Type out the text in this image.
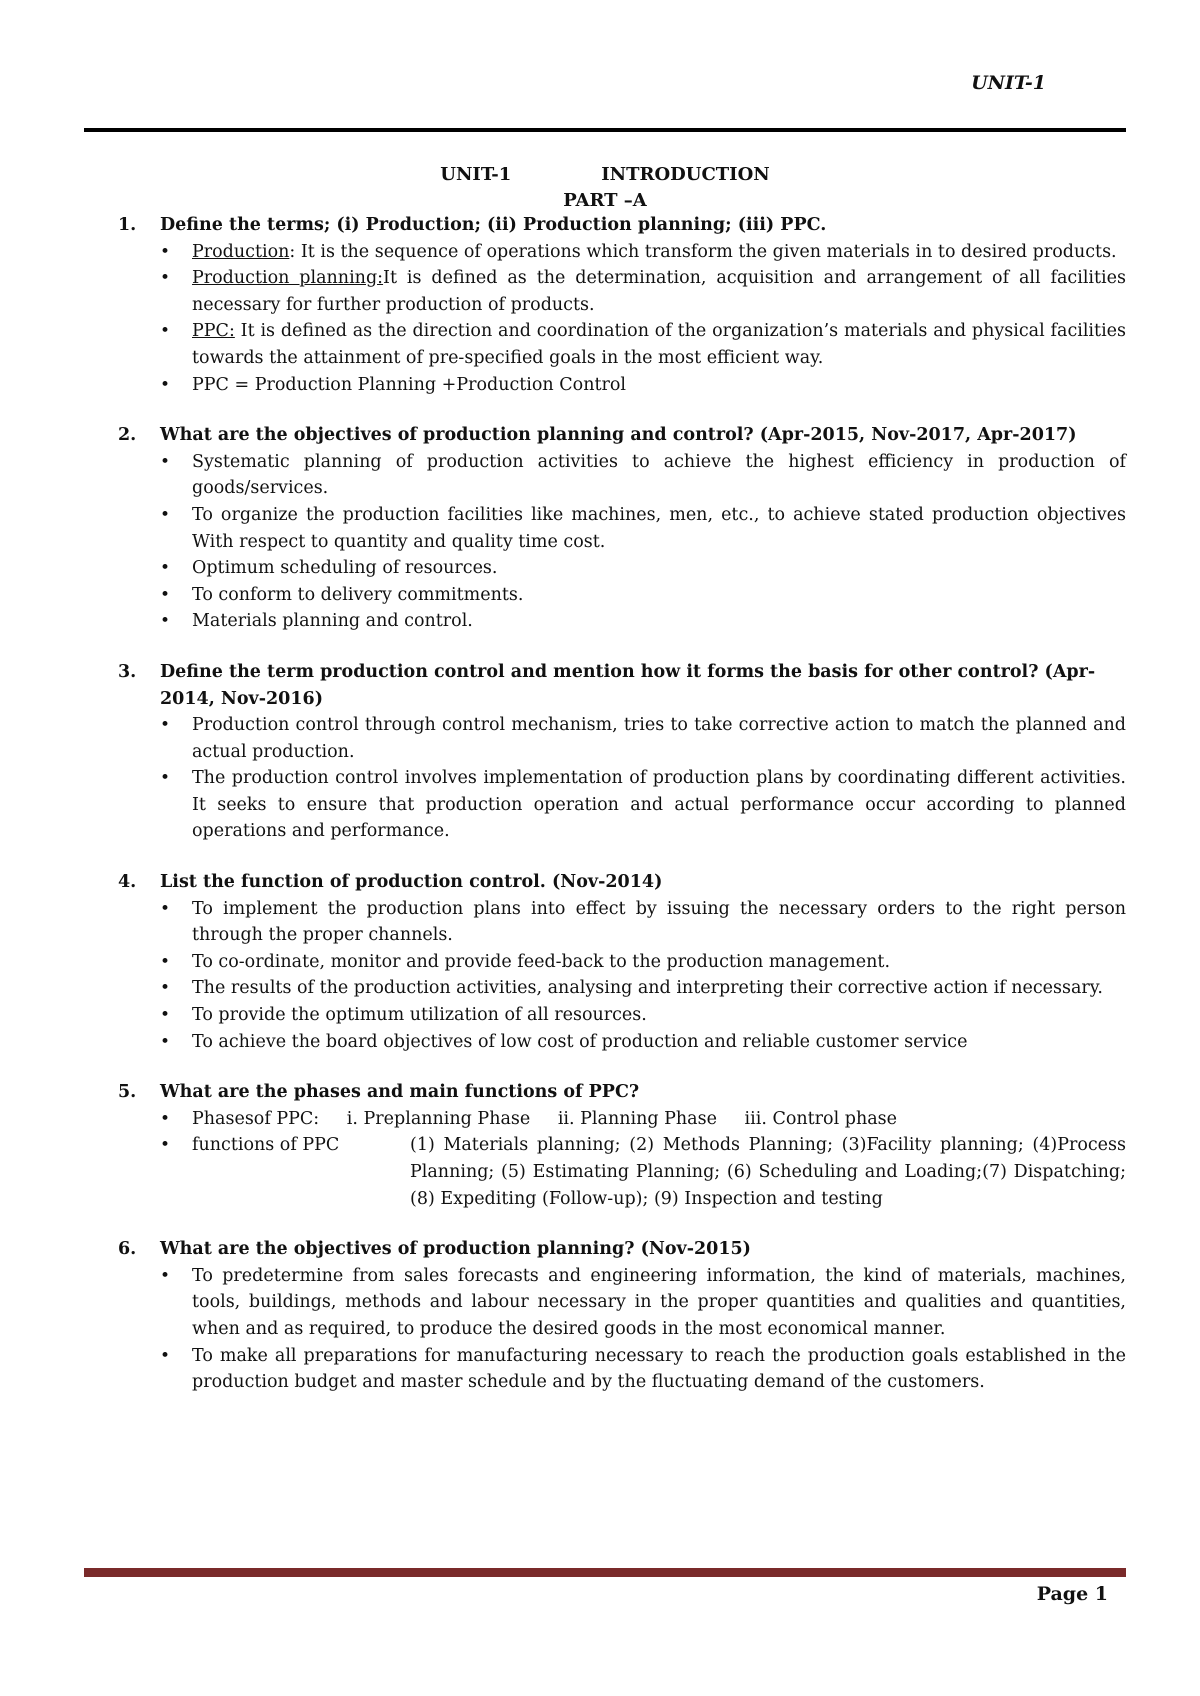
UNIT-1
UNIT-1	INTRODUCTION
PART –A
1.	Define the terms; (i) Production; (ii) Production planning; (iii) PPC.
• Production: It is the sequence of operations which transform the given materials in to desired products.
• Production planning:It is defined as the determination, acquisition and arrangement of all facilities necessary for further production of products.
• PPC: It is defined as the direction and coordination of the organization’s materials and physical facilities towards the attainment of pre-specified goals in the most efficient way.
• PPC = Production Planning +Production Control
2.	What are the objectives of production planning and control? (Apr-2015, Nov-2017, Apr-2017)
• Systematic planning of production activities to achieve the highest efficiency in production of goods/services.
• To organize the production facilities like machines, men, etc., to achieve stated production objectives With respect to quantity and quality time cost.
• Optimum scheduling of resources.
• To conform to delivery commitments.
• Materials planning and control.
3.	Define the term production control and mention how it forms the basis for other control? (Apr-2014, Nov-2016)
• Production control through control mechanism, tries to take corrective action to match the planned and actual production.
• The production control involves implementation of production plans by coordinating different activities. It seeks to ensure that production operation and actual performance occur according to planned operations and performance.
4.	List the function of production control. (Nov-2014)
• To implement the production plans into effect by issuing the necessary orders to the right person through the proper channels.
• To co-ordinate, monitor and provide feed-back to the production management.
• The results of the production activities, analysing and interpreting their corrective action if necessary.
• To provide the optimum utilization of all resources.
• To achieve the board objectives of low cost of production and reliable customer service
5.	What are the phases and main functions of PPC?
• Phasesof PPC: i. Preplanning Phase ii. Planning Phase iii. Control phase
• functions of PPC	(1) Materials planning; (2) Methods Planning; (3)Facility planning; (4)Process Planning; (5) Estimating Planning; (6) Scheduling and Loading;(7) Dispatching; (8) Expediting (Follow-up); (9) Inspection and testing
6.	What are the objectives of production planning? (Nov-2015)
• To predetermine from sales forecasts and engineering information, the kind of materials, machines, tools, buildings, methods and labour necessary in the proper quantities and qualities and quantities, when and as required, to produce the desired goods in the most economical manner.
• To make all preparations for manufacturing necessary to reach the production goals established in the production budget and master schedule and by the fluctuating demand of the customers.
Page 1
